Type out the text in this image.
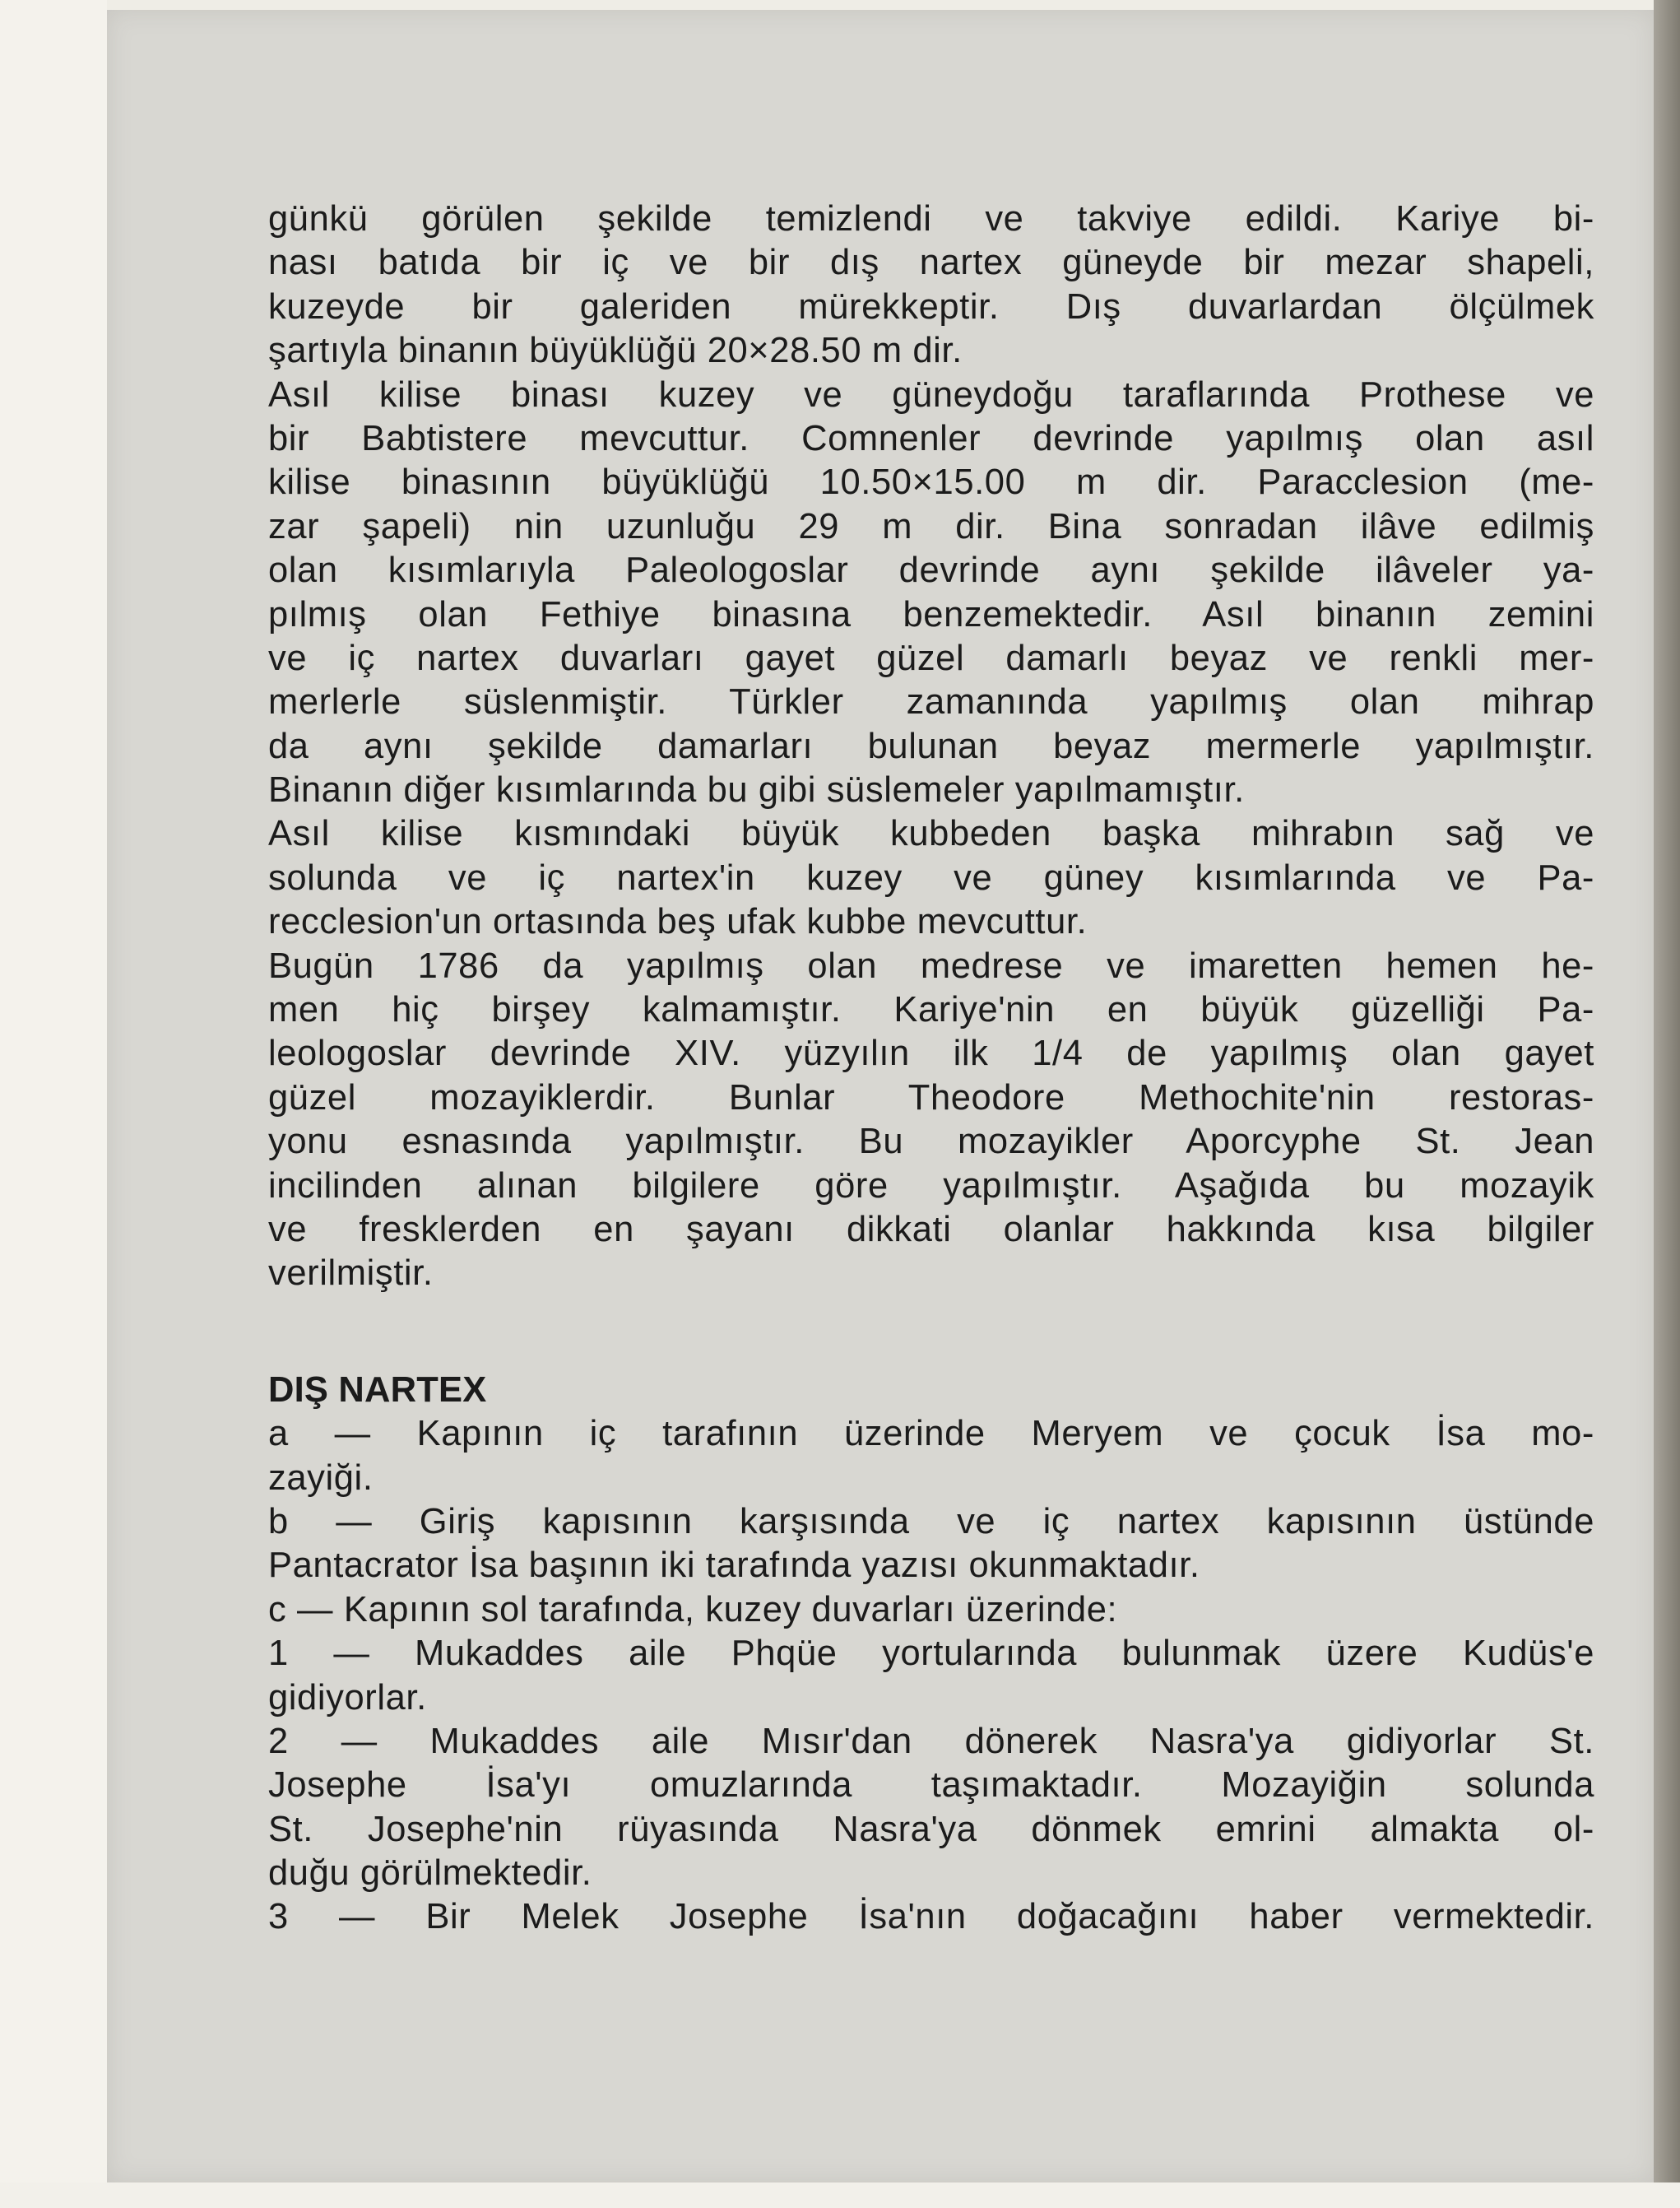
günkü görülen şekilde temizlendi ve takviye edildi. Kariye bi-
nası batıda bir iç ve bir dış nartex güneyde bir mezar shapeli,
kuzeyde bir galeriden mürekkeptir. Dış duvarlardan ölçülmek
şartıyla binanın büyüklüğü 20×28.50 m dir.
Asıl kilise binası kuzey ve güneydoğu taraflarında Prothese ve
bir Babtistere mevcuttur. Comnenler devrinde yapılmış olan asıl
kilise binasının büyüklüğü 10.50×15.00 m dir. Paracclesion (me-
zar şapeli) nin uzunluğu 29 m dir. Bina sonradan ilâve edilmiş
olan kısımlarıyla Paleologoslar devrinde aynı şekilde ilâveler ya-
pılmış olan Fethiye binasına benzemektedir. Asıl binanın zemini
ve iç nartex duvarları gayet güzel damarlı beyaz ve renkli mer-
merlerle süslenmiştir. Türkler zamanında yapılmış olan mihrap
da aynı şekilde damarları bulunan beyaz mermerle yapılmıştır.
Binanın diğer kısımlarında bu gibi süslemeler yapılmamıştır.
Asıl kilise kısmındaki büyük kubbeden başka mihrabın sağ ve
solunda ve iç nartex'in kuzey ve güney kısımlarında ve Pa-
recclesion'un ortasında beş ufak kubbe mevcuttur.
Bugün 1786 da yapılmış olan medrese ve imaretten hemen he-
men hiç birşey kalmamıştır. Kariye'nin en büyük güzelliği Pa-
leologoslar devrinde XIV. yüzyılın ilk 1/4 de yapılmış olan gayet
güzel mozayiklerdir. Bunlar Theodore Methochite'nin restoras-
yonu esnasında yapılmıştır. Bu mozayikler Aporcyphe St. Jean
incilinden alınan bilgilere göre yapılmıştır. Aşağıda bu mozayik
ve fresklerden en şayanı dikkati olanlar hakkında kısa bilgiler
verilmiştir.
DIŞ NARTEX
a — Kapının iç tarafının üzerinde Meryem ve çocuk İsa mo-
zayiği.
b — Giriş kapısının karşısında ve iç nartex kapısının üstünde
Pantacrator İsa başının iki tarafında yazısı okunmaktadır.
c — Kapının sol tarafında, kuzey duvarları üzerinde:
1 — Mukaddes aile Phqüe yortularında bulunmak üzere Kudüs'e
gidiyorlar.
2 — Mukaddes aile Mısır'dan dönerek Nasra'ya gidiyorlar St.
Josephe İsa'yı omuzlarında taşımaktadır. Mozayiğin solunda
St. Josephe'nin rüyasında Nasra'ya dönmek emrini almakta ol-
duğu görülmektedir.
3 — Bir Melek Josephe İsa'nın doğacağını haber vermektedir.
